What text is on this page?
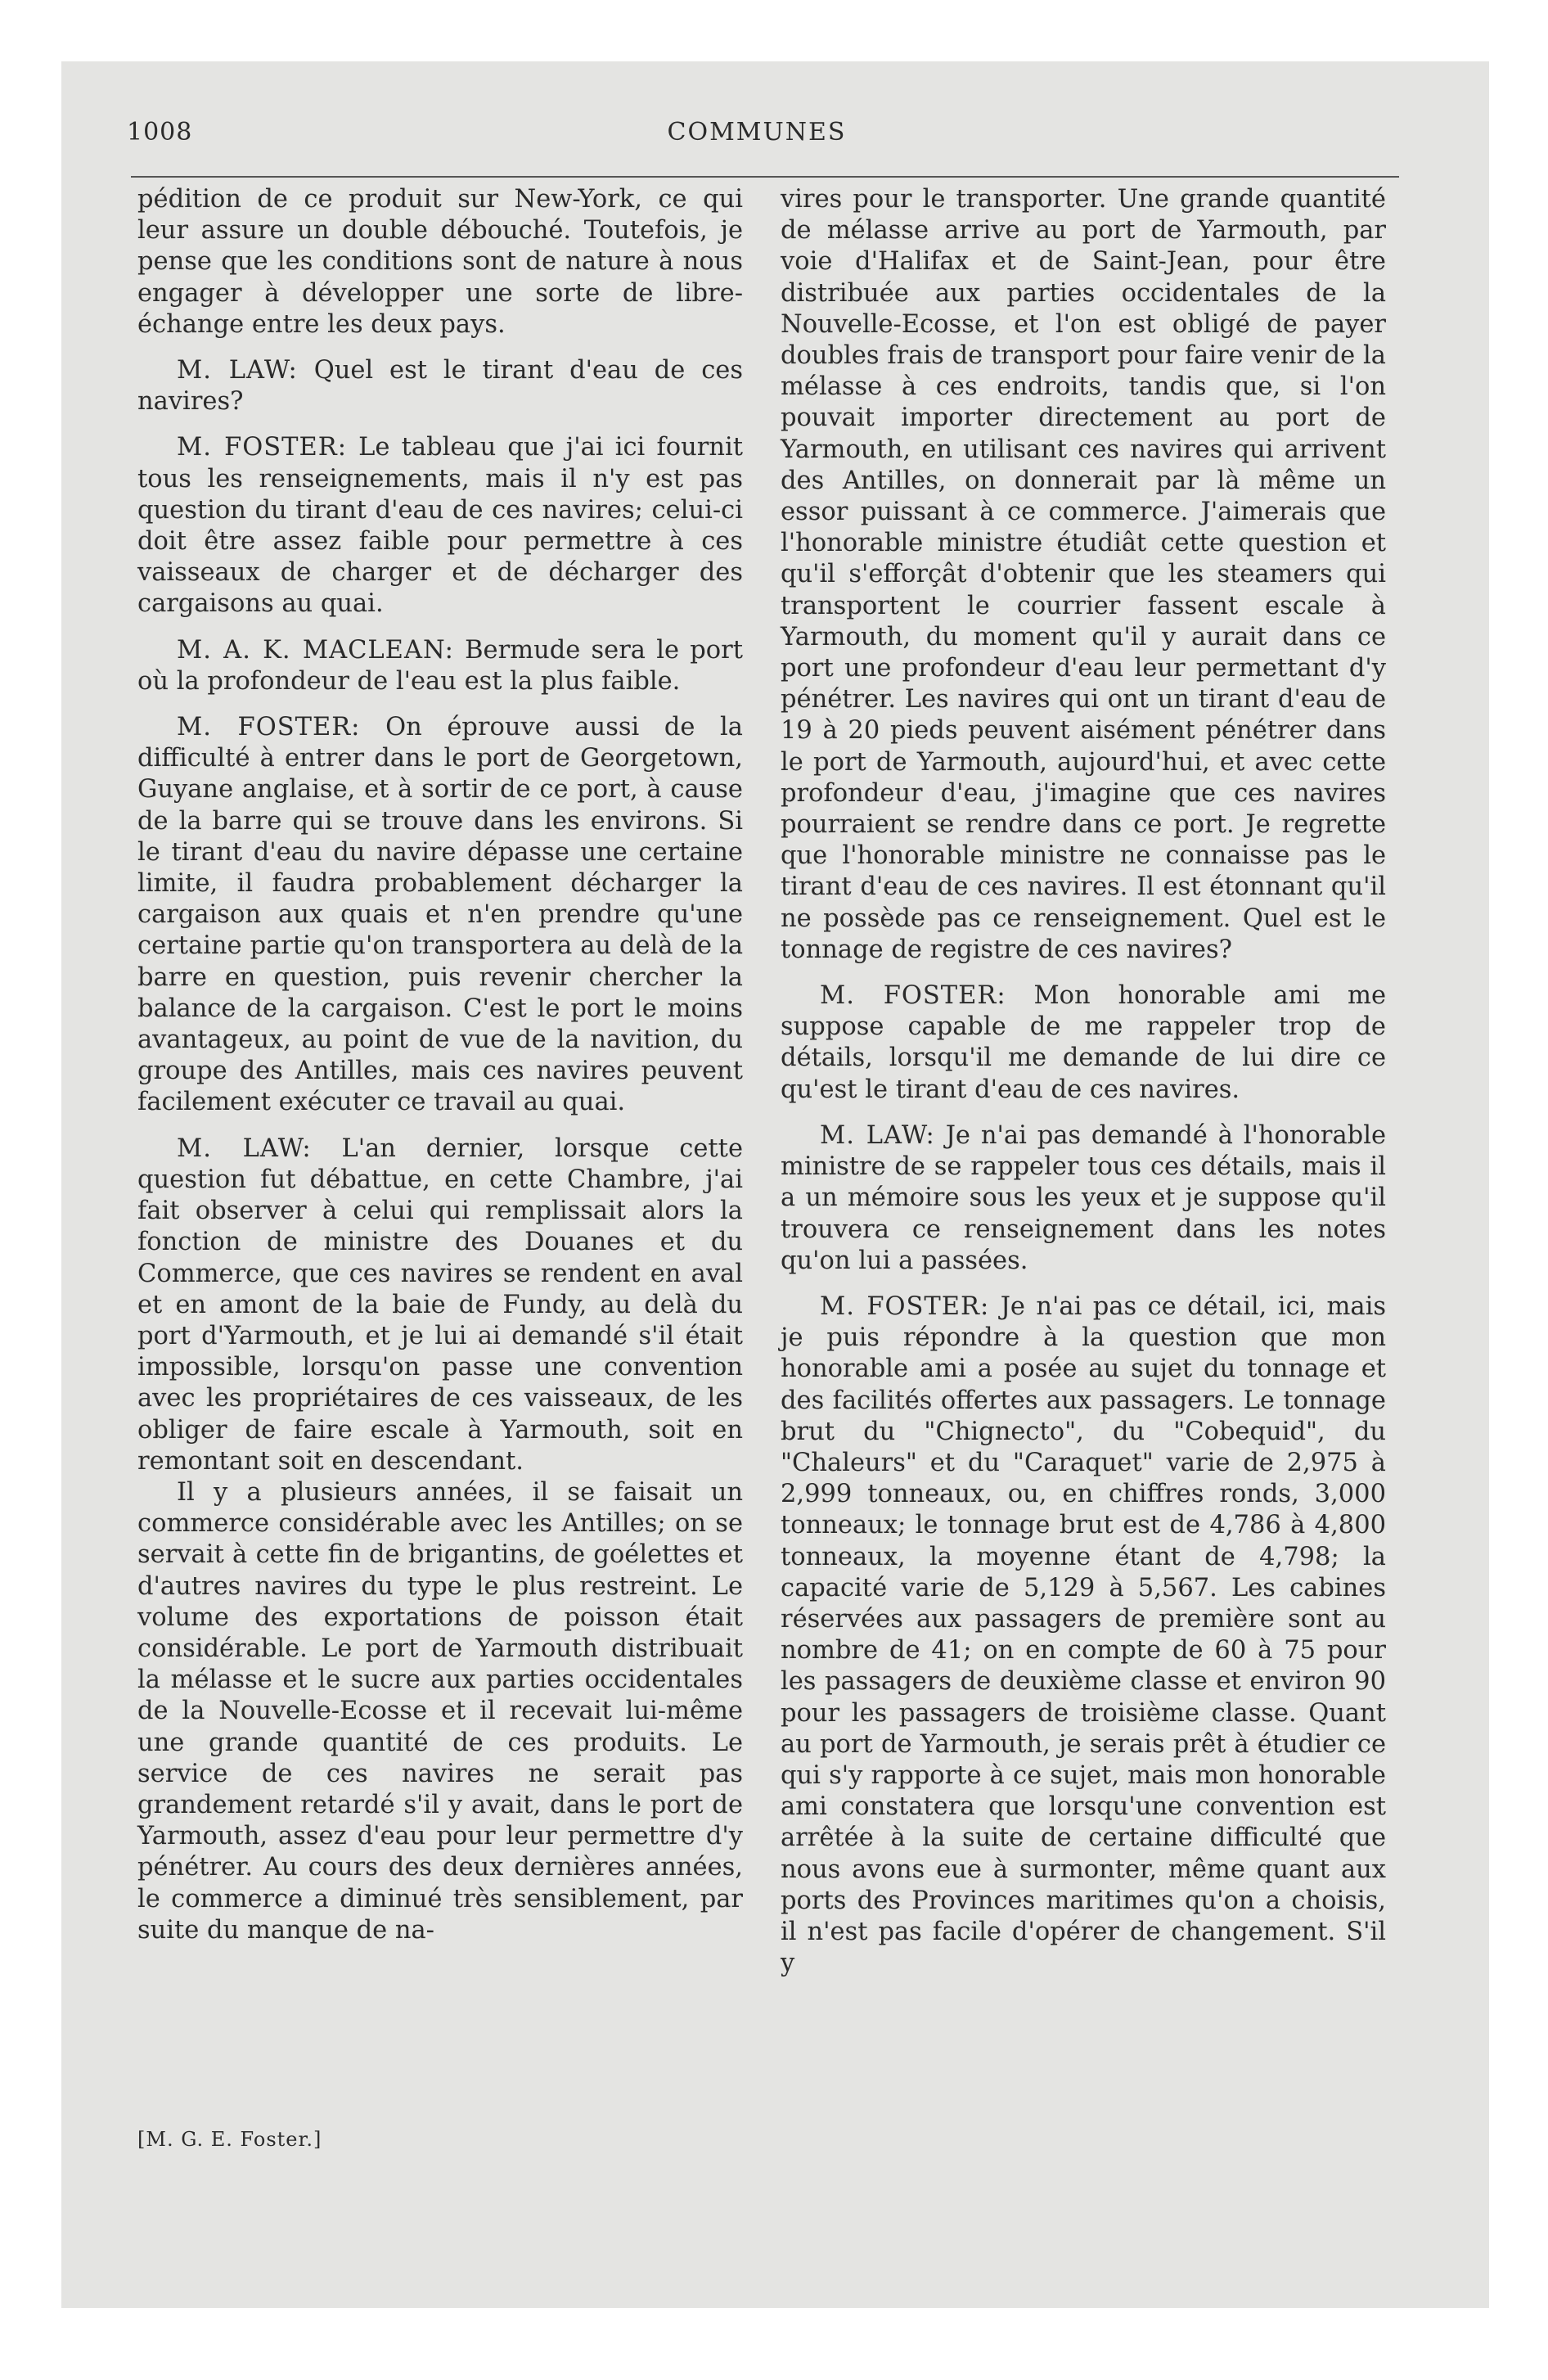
1008	COMMUNES

pédition de ce produit sur New-York, ce qui leur assure un double débouché. Toutefois, je pense que les conditions sont de nature à nous engager à développer une sorte de libre-échange entre les deux pays.

M. LAW: Quel est le tirant d'eau de ces navires?

M. FOSTER: Le tableau que j'ai ici fournit tous les renseignements, mais il n'y est pas question du tirant d'eau de ces navires; celui-ci doit être assez faible pour permettre à ces vaisseaux de charger et de décharger des cargaisons au quai.

M. A. K. MACLEAN: Bermude sera le port où la profondeur de l'eau est la plus faible.

M. FOSTER: On éprouve aussi de la difficulté à entrer dans le port de Georgetown, Guyane anglaise, et à sortir de ce port, à cause de la barre qui se trouve dans les environs. Si le tirant d'eau du navire dépasse une certaine limite, il faudra probablement décharger la cargaison aux quais et n'en prendre qu'une certaine partie qu'on transportera au delà de la barre en question, puis revenir chercher la balance de la cargaison. C'est le port le moins avantageux, au point de vue de la navition, du groupe des Antilles, mais ces navires peuvent facilement exécuter ce travail au quai.

M. LAW: L'an dernier, lorsque cette question fut débattue, en cette Chambre, j'ai fait observer à celui qui remplissait alors la fonction de ministre des Douanes et du Commerce, que ces navires se rendent en aval et en amont de la baie de Fundy, au delà du port d'Yarmouth, et je lui ai demandé s'il était impossible, lorsqu'on passe une convention avec les propriétaires de ces vaisseaux, de les obliger de faire escale à Yarmouth, soit en remontant soit en descendant.

Il y a plusieurs années, il se faisait un commerce considérable avec les Antilles; on se servait à cette fin de brigantins, de goélettes et d'autres navires du type le plus restreint. Le volume des exportations de poisson était considérable. Le port de Yarmouth distribuait la mélasse et le sucre aux parties occidentales de la Nouvelle-Ecosse et il recevait lui-même une grande quantité de ces produits. Le service de ces navires ne serait pas grandement retardé s'il y avait, dans le port de Yarmouth, assez d'eau pour leur permettre d'y pénétrer. Au cours des deux dernières années, le commerce a diminué très sensiblement, par suite du manque de na-

vires pour le transporter. Une grande quantité de mélasse arrive au port de Yarmouth, par voie d'Halifax et de Saint-Jean, pour être distribuée aux parties occidentales de la Nouvelle-Ecosse, et l'on est obligé de payer doubles frais de transport pour faire venir de la mélasse à ces endroits, tandis que, si l'on pouvait importer directement au port de Yarmouth, en utilisant ces navires qui arrivent des Antilles, on donnerait par là même un essor puissant à ce commerce. J'aimerais que l'honorable ministre étudiât cette question et qu'il s'efforçât d'obtenir que les steamers qui transportent le courrier fassent escale à Yarmouth, du moment qu'il y aurait dans ce port une profondeur d'eau leur permettant d'y pénétrer. Les navires qui ont un tirant d'eau de 19 à 20 pieds peuvent aisément pénétrer dans le port de Yarmouth, aujourd'hui, et avec cette profondeur d'eau, j'imagine que ces navires pourraient se rendre dans ce port. Je regrette que l'honorable ministre ne connaisse pas le tirant d'eau de ces navires. Il est étonnant qu'il ne possède pas ce renseignement. Quel est le tonnage de registre de ces navires?

M. FOSTER: Mon honorable ami me suppose capable de me rappeler trop de détails, lorsqu'il me demande de lui dire ce qu'est le tirant d'eau de ces navires.

M. LAW: Je n'ai pas demandé à l'honorable ministre de se rappeler tous ces détails, mais il a un mémoire sous les yeux et je suppose qu'il trouvera ce renseignement dans les notes qu'on lui a passées.

M. FOSTER: Je n'ai pas ce détail, ici, mais je puis répondre à la question que mon honorable ami a posée au sujet du tonnage et des facilités offertes aux passagers. Le tonnage brut du "Chignecto", du "Cobequid", du "Chaleurs" et du "Caraquet" varie de 2,975 à 2,999 tonneaux, ou, en chiffres ronds, 3,000 tonneaux; le tonnage brut est de 4,786 à 4,800 tonneaux, la moyenne étant de 4,798; la capacité varie de 5,129 à 5,567. Les cabines réservées aux passagers de première sont au nombre de 41; on en compte de 60 à 75 pour les passagers de deuxième classe et environ 90 pour les passagers de troisième classe. Quant au port de Yarmouth, je serais prêt à étudier ce qui s'y rapporte à ce sujet, mais mon honorable ami constatera que lorsqu'une convention est arrêtée à la suite de certaine difficulté que nous avons eue à surmonter, même quant aux ports des Provinces maritimes qu'on a choisis, il n'est pas facile d'opérer de changement. S'il y

[M. G. E. Foster.]
